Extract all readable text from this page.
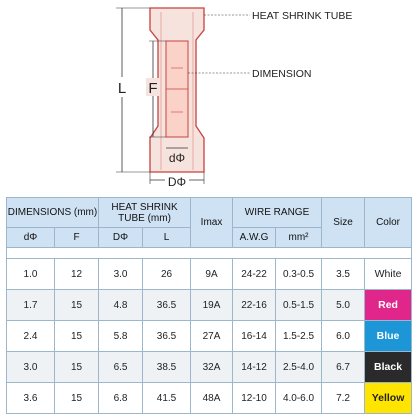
L F
dΦ
DΦ
HEAT SHRINK TUBE
DIMENSION
DIMENSIONS (mm)		HEAT SHRINK TUBE (mm)		Imax	WIRE RANGE		Size	Color
dΦ	F	DΦ	L		A.W.G	mm²		

1.0	12	3.0	26	9A	24-22	0.3-0.5	3.5	White

1.7	15	4.8	36.5	19A	22-16	0.5-1.5	5.0	Red

2.4	15	5.8	36.5	27A	16-14	1.5-2.5	6.0	Blue

3.0	15	6.5	38.5	32A	14-12	2.5-4.0	6.7	Black

3.6	15	6.8	41.5	48A	12-10	4.0-6.0	7.2	Yellow
